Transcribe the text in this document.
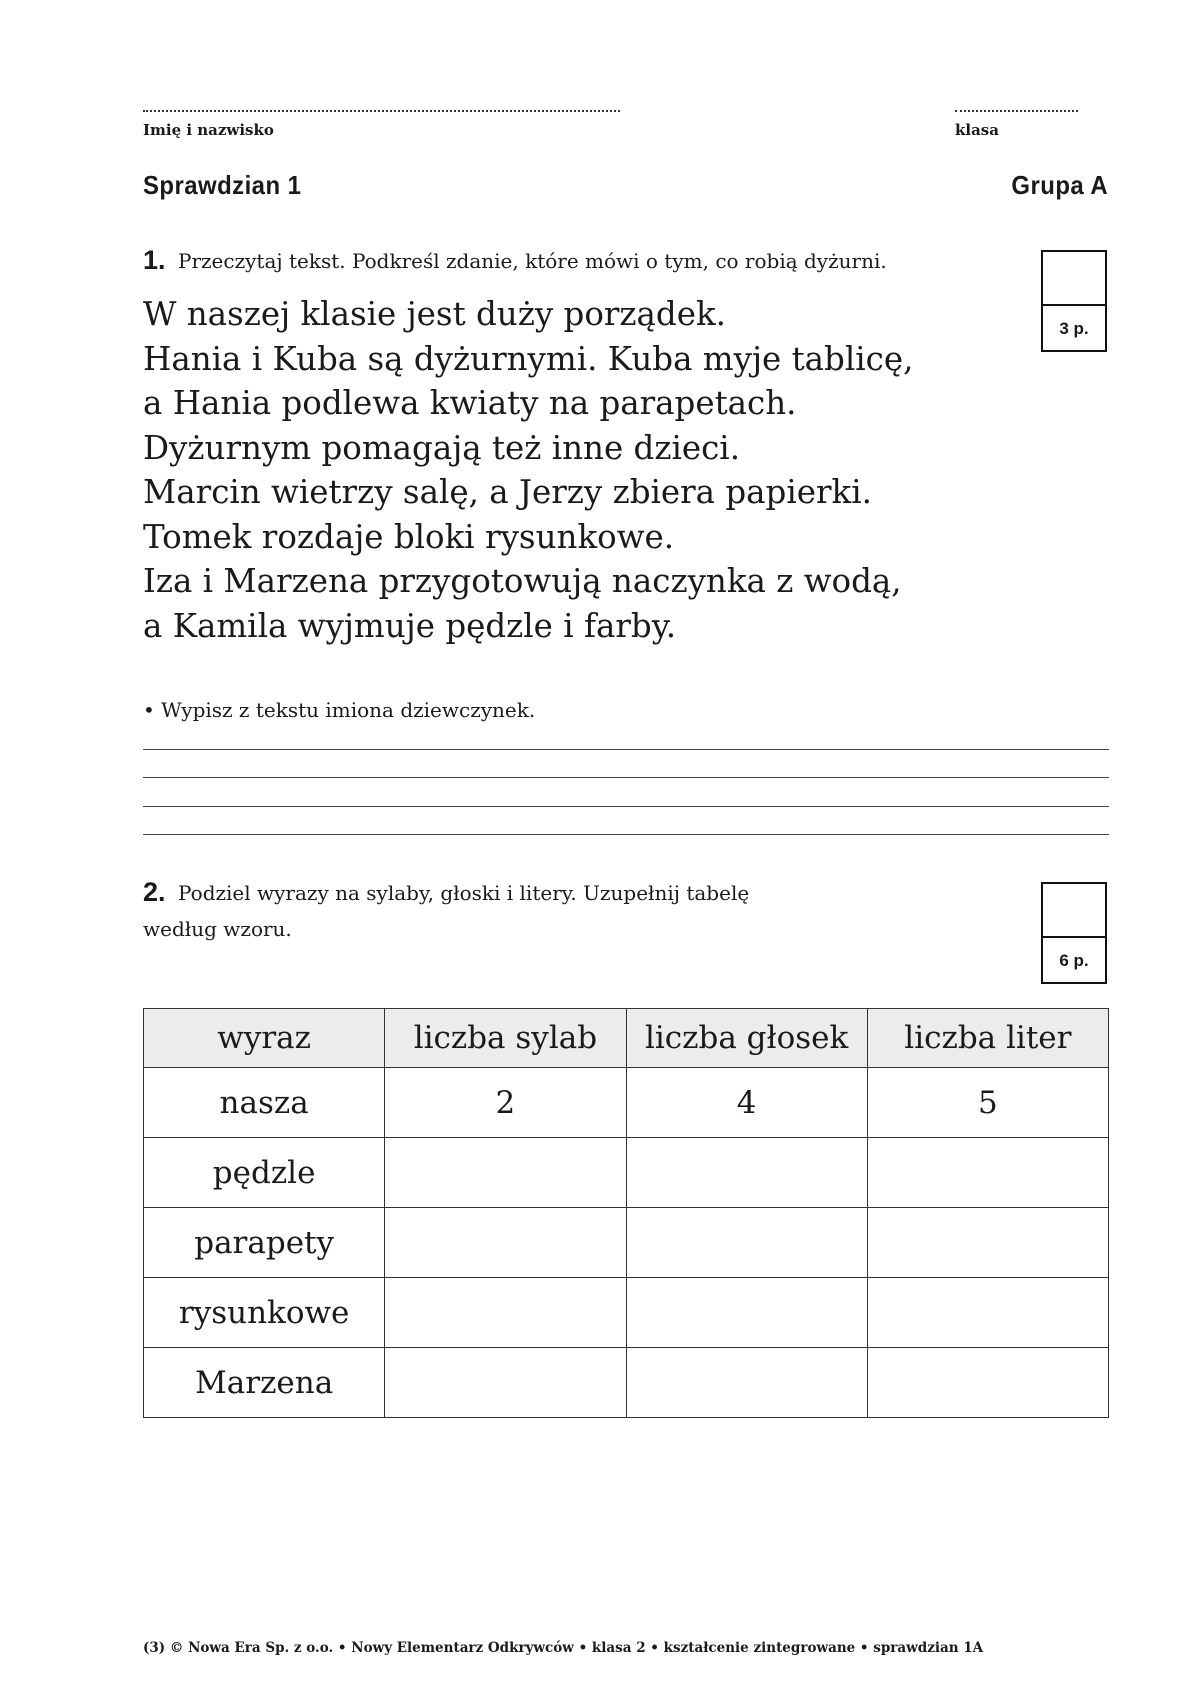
Imię i nazwisko	klasa
Sprawdzian 1	Grupa A
1. Przeczytaj tekst. Podkreśl zdanie, które mówi o tym, co robią dyżurni.
3 p.

W naszej klasie jest duży porządek.

Hania i Kuba są dyżurnymi. Kuba myje tablicę,

a Hania podlewa kwiaty na parapetach.

Dyżurnym pomagają też inne dzieci.

Marcin wietrzy salę, a Jerzy zbiera papierki.

Tomek rozdaje bloki rysunkowe.

Iza i Marzena przygotowują naczynka z wodą,

a Kamila wyjmuje pędzle i farby.

• Wypisz z tekstu imiona dziewczynek.
2. Podziel wyrazy na sylaby, głoski i litery. Uzupełnij tabelę
według wzoru.
6 p.
wyraz	liczba sylab	liczba głosek	liczba liter
nasza	2	4	5
pędzle			
parapety			
rysunkowe			
Marzena			
(3) © Nowa Era Sp. z o.o. • Nowy Elementarz Odkrywców • klasa 2 • kształcenie zintegrowane • sprawdzian 1A
